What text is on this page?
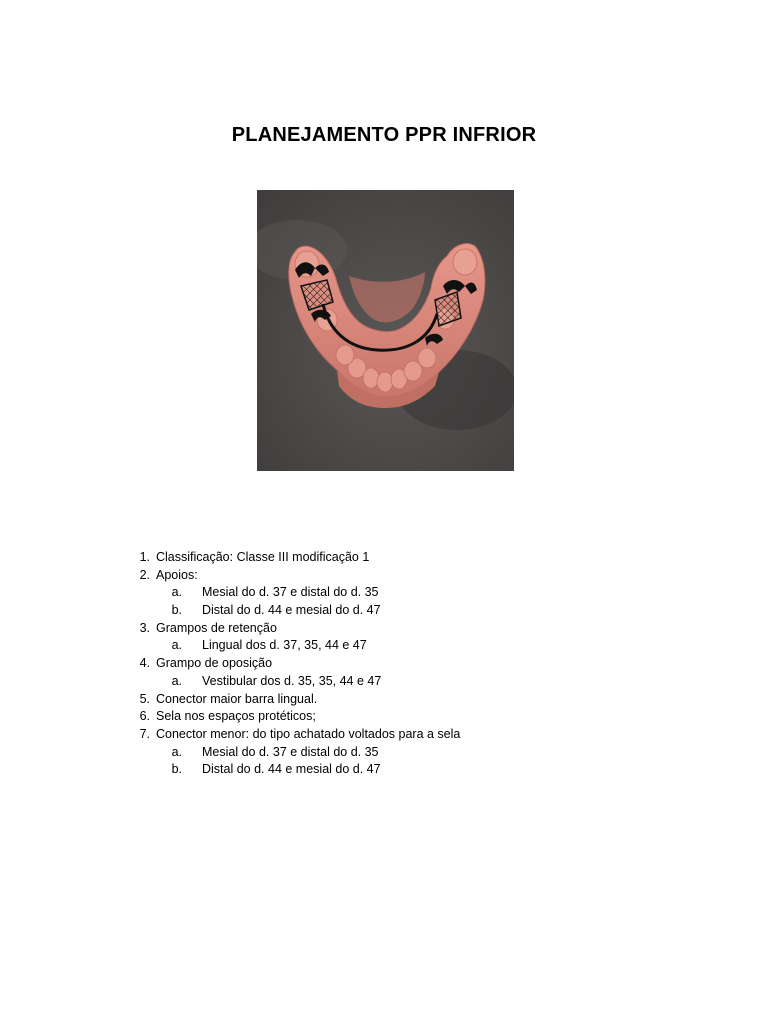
PLANEJAMENTO PPR INFRIOR
1. Classificação: Classe III modificação 1
2. Apoios:
a. Mesial do d. 37 e distal do d. 35
b. Distal do d. 44 e mesial do d. 47
3. Grampos de retenção
a. Lingual dos d. 37, 35, 44 e 47
4. Grampo de oposição
a. Vestibular dos d. 35, 35, 44 e 47
5. Conector maior barra lingual.
6. Sela nos espaços protéticos;
7. Conector menor: do tipo achatado voltados para a sela
a. Mesial do d. 37 e distal do d. 35
b. Distal do d. 44 e mesial do d. 47
